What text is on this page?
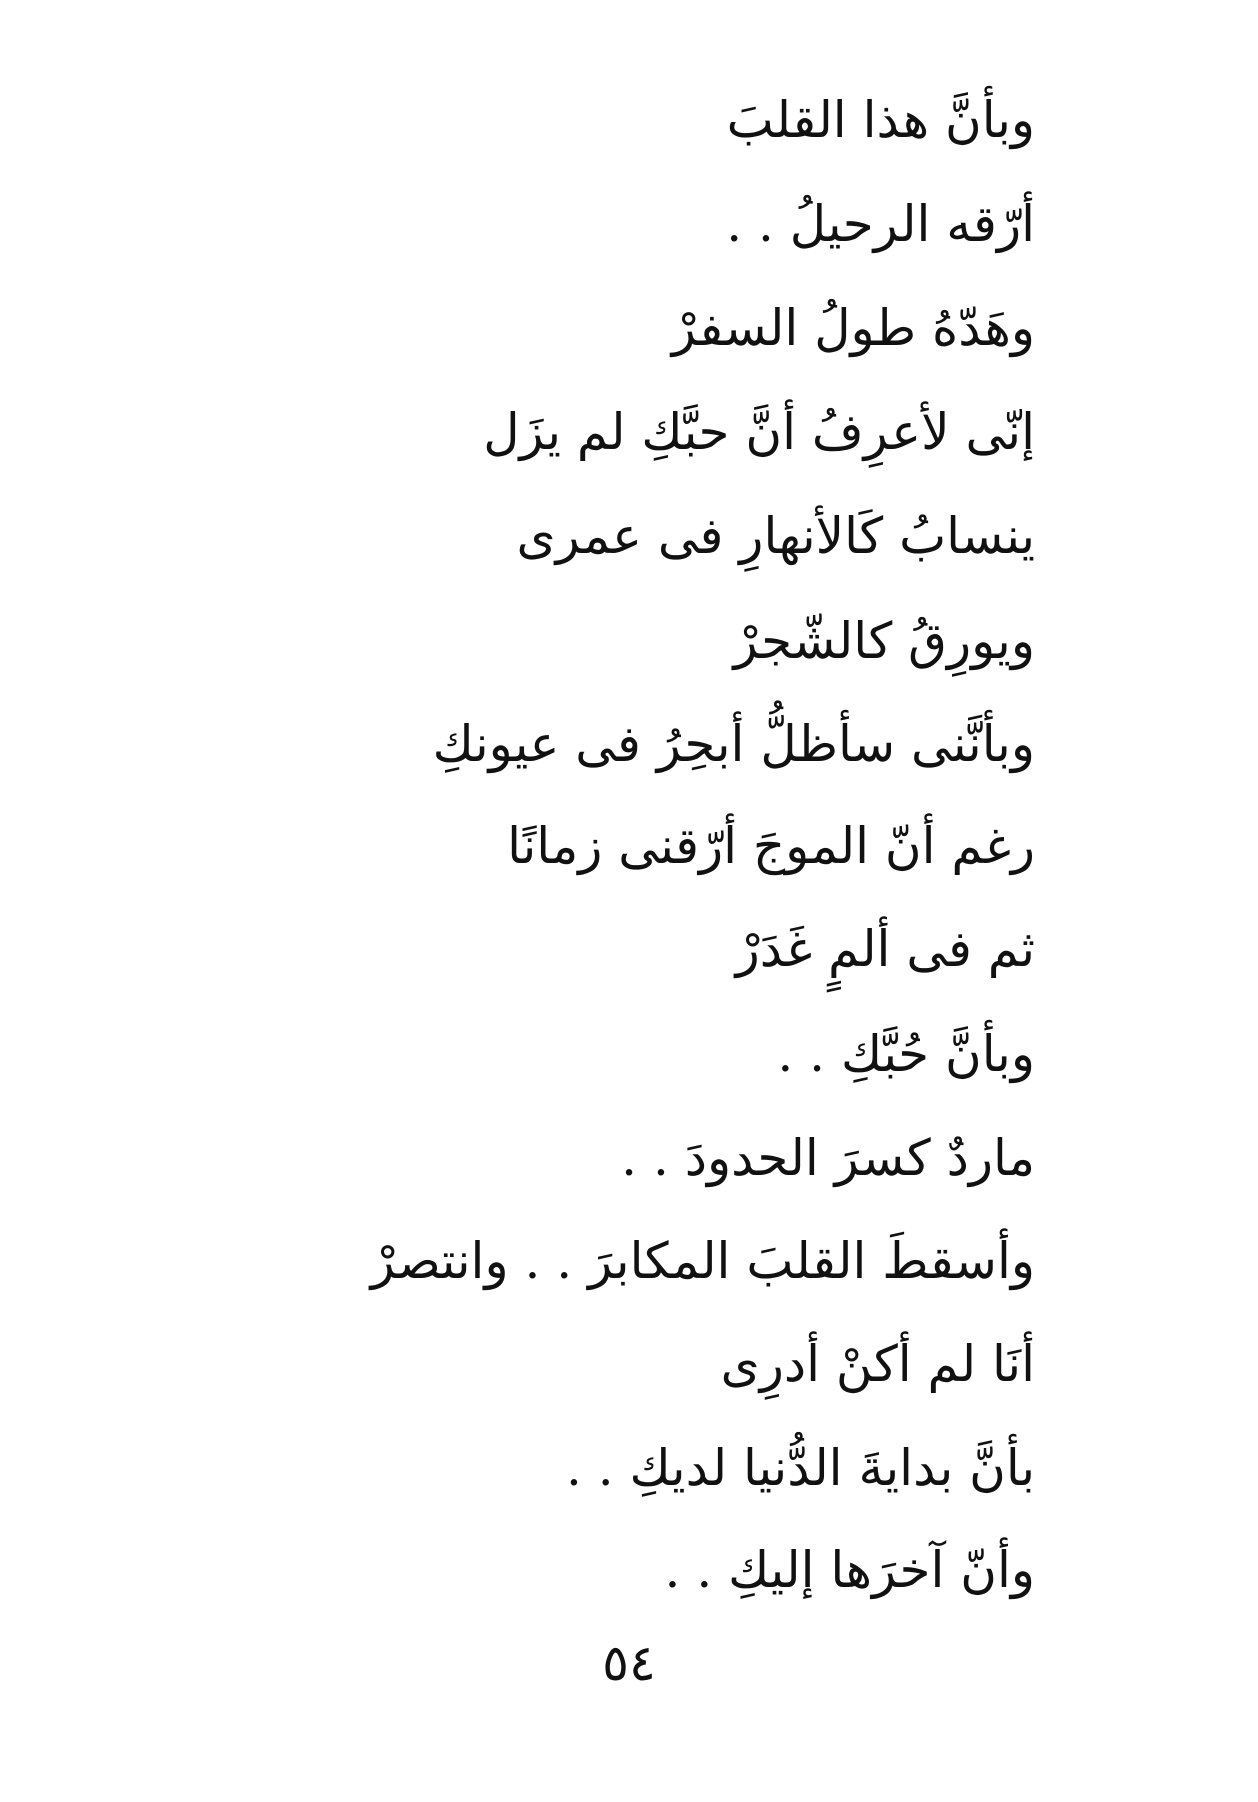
وبأنَّ هذا القلبَ

أرّقه الرحيلُ . .

وهَدّهُ طولُ السفرْ

إنّى لأعرِفُ أنَّ حبَّكِ لم يزَل

ينسابُ كَالأنهارِ فى عمرى

ويورِقُ كالشّجرْ

وبأنَّنى سأظلُّ أبحِرُ فى عيونكِ

رغم أنّ الموجَ أرّقنى زمانًا

ثم فى ألمٍ غَدَرْ

وبأنَّ حُبَّكِ . .

ماردٌ كسرَ الحدودَ . .

وأسقطَ القلبَ المكابرَ . . وانتصرْ

أنَا لم أكنْ أدرِى

بأنَّ بدايةَ الدُّنيا لديكِ . .

وأنّ آخرَها إليكِ . .

٥٤
